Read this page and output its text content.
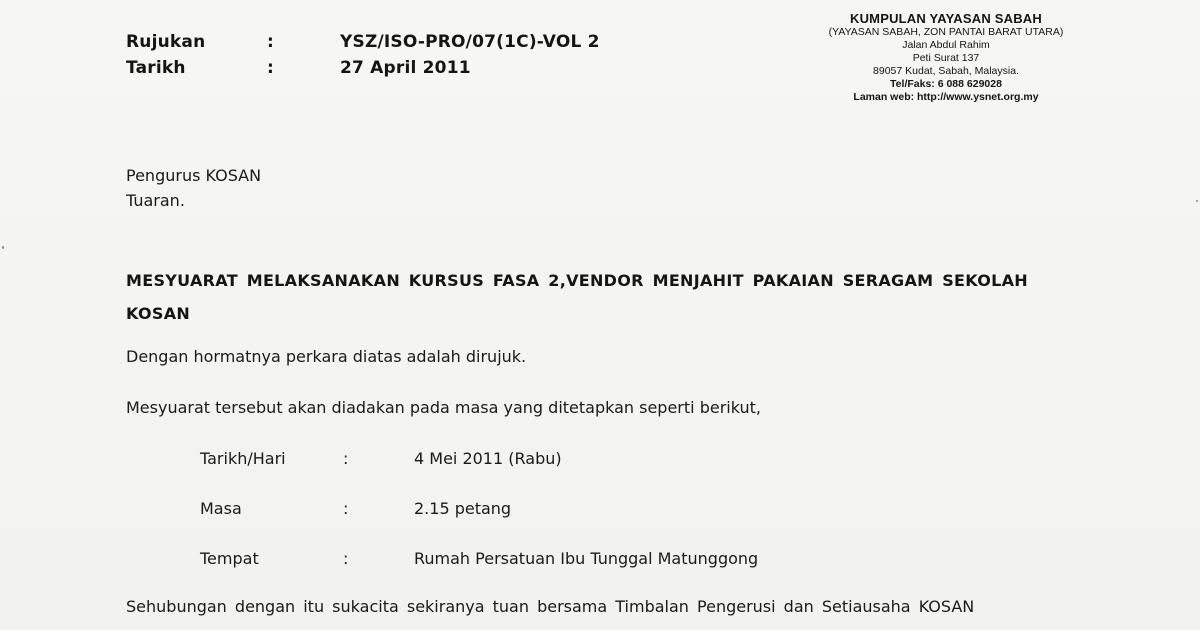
Rujukan	:	YSZ/ISO-PRO/07(1C)-VOL 2
Tarikh	:	27 April 2011
KUMPULAN YAYASAN SABAH
(YAYASAN SABAH, ZON PANTAI BARAT UTARA)
Jalan Abdul Rahim
Peti Surat 137
89057 Kudat, Sabah, Malaysia.
Tel/Faks: 6 088 629028
Laman web: http://www.ysnet.org.my
Pengurus KOSAN
Tuaran.
MESYUARAT MELAKSANAKAN KURSUS FASA 2,VENDOR MENJAHIT PAKAIAN SERAGAM SEKOLAH
KOSAN
Dengan hormatnya perkara diatas adalah dirujuk.
Mesyuarat tersebut akan diadakan pada masa yang ditetapkan seperti berikut,
Tarikh/Hari	:	4 Mei 2011 (Rabu)
Masa	:	2.15 petang
Tempat	:	Rumah Persatuan Ibu Tunggal Matunggong
Sehubungan dengan itu sukacita sekiranya tuan bersama Timbalan Pengerusi dan Setiausaha KOSAN
